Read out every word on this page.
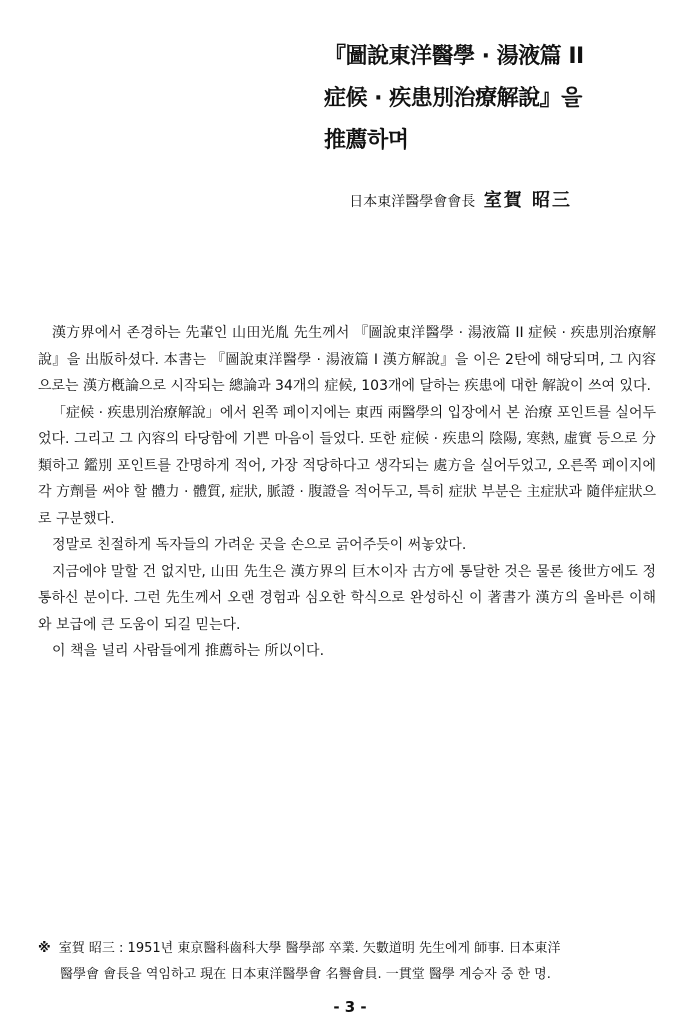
『圖說東洋醫學 · 湯液篇 II
症候 · 疾患別治療解說』을
推薦하며
日本東洋醫學會會長 室賀 昭三

漢方界에서 존경하는 先輩인 山田光胤 先生께서 『圖說東洋醫學 · 湯液篇 II 症候 · 疾患別治療解說』을 出版하셨다. 本書는 『圖說東洋醫學 · 湯液篇 I 漢方解說』을 이은 2탄에 해당되며, 그 內容으로는 漢方槪論으로 시작되는 總論과 34개의 症候, 103개에 달하는 疾患에 대한 解說이 쓰여 있다.

「症候 · 疾患別治療解說」에서 왼쪽 페이지에는 東西 兩醫學의 입장에서 본 治療 포인트를 실어두었다. 그리고 그 內容의 타당함에 기쁜 마음이 들었다. 또한 症候 · 疾患의 陰陽, 寒熱, 虛實 등으로 分類하고 鑑別 포인트를 간명하게 적어, 가장 적당하다고 생각되는 處方을 실어두었고, 오른쪽 페이지에 각 方劑를 써야 할 體力 · 體質, 症狀, 脈證 · 腹證을 적어두고, 특히 症狀 부분은 主症狀과 隨伴症狀으로 구분했다.

정말로 친절하게 독자들의 가려운 곳을 손으로 긁어주듯이 써놓았다.

지금에야 말할 건 없지만, 山田 先生은 漢方界의 巨木이자 古方에 통달한 것은 물론 後世方에도 정통하신 분이다. 그런 先生께서 오랜 경험과 심오한 학식으로 완성하신 이 著書가 漢方의 올바른 이해와 보급에 큰 도움이 되길 믿는다.

이 책을 널리 사람들에게 推薦하는 所以이다.

※ 室賀 昭三 : 1951년 東京醫科齒科大學 醫學部 卒業. 矢數道明 先生에게 師事. 日本東洋
醫學會 會長을 역임하고 現在 日本東洋醫學會 名譽會員. 一貫堂 醫學 계승자 중 한 명.
- 3 -
